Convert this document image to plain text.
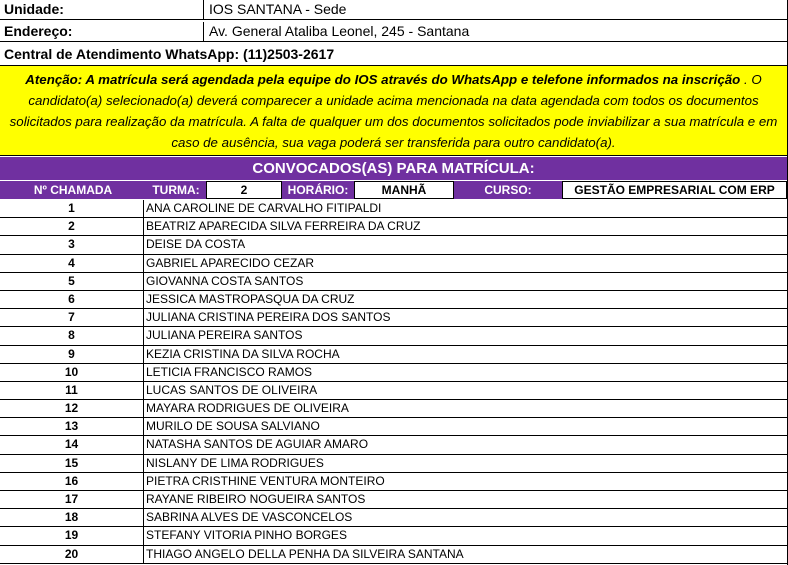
Unidade:	IOS SANTANA - Sede
Endereço:	Av. General Ataliba Leonel, 245 - Santana
Central de Atendimento WhatsApp: (11)2503-2617
Atenção: A matrícula será agendada pela equipe do IOS através do WhatsApp e telefone informados na inscrição . O candidato(a) selecionado(a) deverá comparecer a unidade acima mencionada na data agendada com todos os documentos solicitados para realização da matrícula. A falta de qualquer um dos documentos solicitados pode inviabilizar a sua matrícula e em caso de ausência, sua vaga poderá ser transferida para outro candidato(a).
CONVOCADOS(AS) PARA MATRÍCULA:
Nº CHAMADA	TURMA:	2	HORÁRIO:	MANHÃ	CURSO:	GESTÃO EMPRESARIAL COM ERP
1	ANA CAROLINE DE CARVALHO FITIPALDI
2	BEATRIZ APARECIDA SILVA FERREIRA DA CRUZ
3	DEISE DA COSTA
4	GABRIEL APARECIDO CEZAR
5	GIOVANNA COSTA SANTOS
6	JESSICA MASTROPASQUA DA CRUZ
7	JULIANA CRISTINA PEREIRA DOS SANTOS
8	JULIANA PEREIRA SANTOS
9	KEZIA CRISTINA DA SILVA ROCHA
10	LETICIA FRANCISCO RAMOS
11	LUCAS SANTOS DE OLIVEIRA
12	MAYARA RODRIGUES DE OLIVEIRA
13	MURILO DE SOUSA SALVIANO
14	NATASHA SANTOS DE AGUIAR AMARO
15	NISLANY DE LIMA RODRIGUES
16	PIETRA CRISTHINE VENTURA MONTEIRO
17	RAYANE RIBEIRO NOGUEIRA SANTOS
18	SABRINA ALVES DE VASCONCELOS
19	STEFANY VITORIA PINHO BORGES
20	THIAGO ANGELO DELLA PENHA DA SILVEIRA SANTANA
